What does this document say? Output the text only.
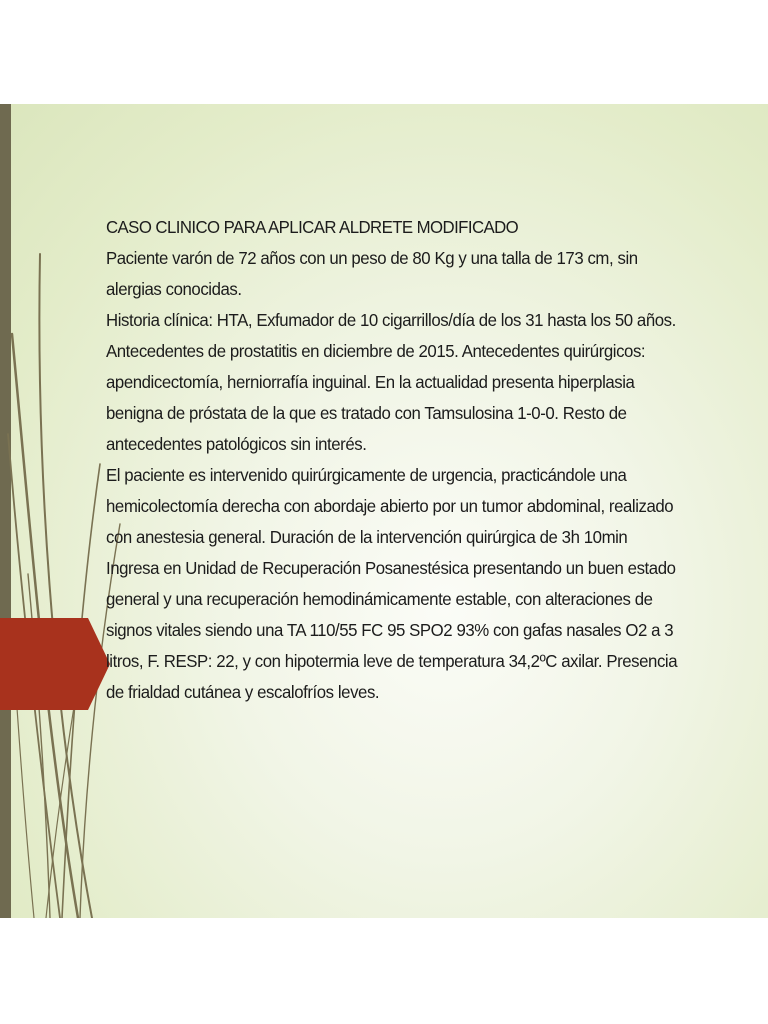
CASO CLINICO PARA APLICAR ALDRETE MODIFICADO

Paciente varón de 72 años con un peso de 80 Kg y una talla de 173 cm, sin alergias conocidas.

Historia clínica: HTA, Exfumador de 10 cigarrillos/día de los 31 hasta los 50 años. Antecedentes de prostatitis en diciembre de 2015. Antecedentes quirúrgicos: apendicectomía, herniorrafía inguinal. En la actualidad presenta hiperplasia benigna de próstata de la que es tratado con Tamsulosina 1-0-0. Resto de antecedentes patológicos sin interés.

El paciente es intervenido quirúrgicamente de urgencia, practicándole una hemicolectomía derecha con abordaje abierto por un tumor abdominal, realizado con anestesia general. Duración de la intervención quirúrgica de 3h 10min

Ingresa en Unidad de Recuperación Posanestésica presentando un buen estado general y una recuperación hemodinámicamente estable, con alteraciones de signos vitales siendo una TA 110/55 FC 95 SPO2 93% con gafas nasales O2 a 3 litros, F. RESP: 22, y con hipotermia leve de temperatura 34,2ºC axilar. Presencia de frialdad cutánea y escalofríos leves.
